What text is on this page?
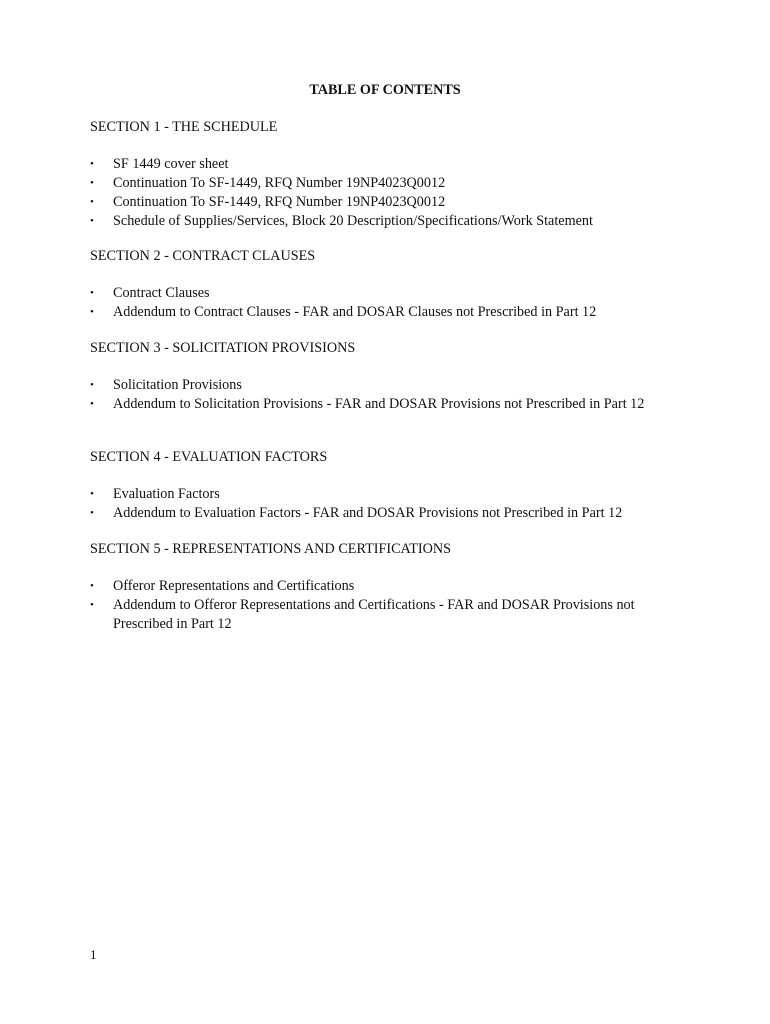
TABLE OF CONTENTS
SECTION 1 - THE SCHEDULE
• SF 1449 cover sheet
• Continuation To SF-1449, RFQ Number 19NP4023Q0012
• Continuation To SF-1449, RFQ Number 19NP4023Q0012
• Schedule of Supplies/Services, Block 20 Description/Specifications/Work Statement
SECTION 2 - CONTRACT CLAUSES
• Contract Clauses
• Addendum to Contract Clauses - FAR and DOSAR Clauses not Prescribed in Part 12
SECTION 3 - SOLICITATION PROVISIONS
• Solicitation Provisions
• Addendum to Solicitation Provisions - FAR and DOSAR Provisions not Prescribed in Part 12
SECTION 4 - EVALUATION FACTORS
• Evaluation Factors
• Addendum to Evaluation Factors - FAR and DOSAR Provisions not Prescribed in Part 12
SECTION 5 - REPRESENTATIONS AND CERTIFICATIONS
• Offeror Representations and Certifications
• Addendum to Offeror Representations and Certifications - FAR and DOSAR Provisions not Prescribed in Part 12
1
